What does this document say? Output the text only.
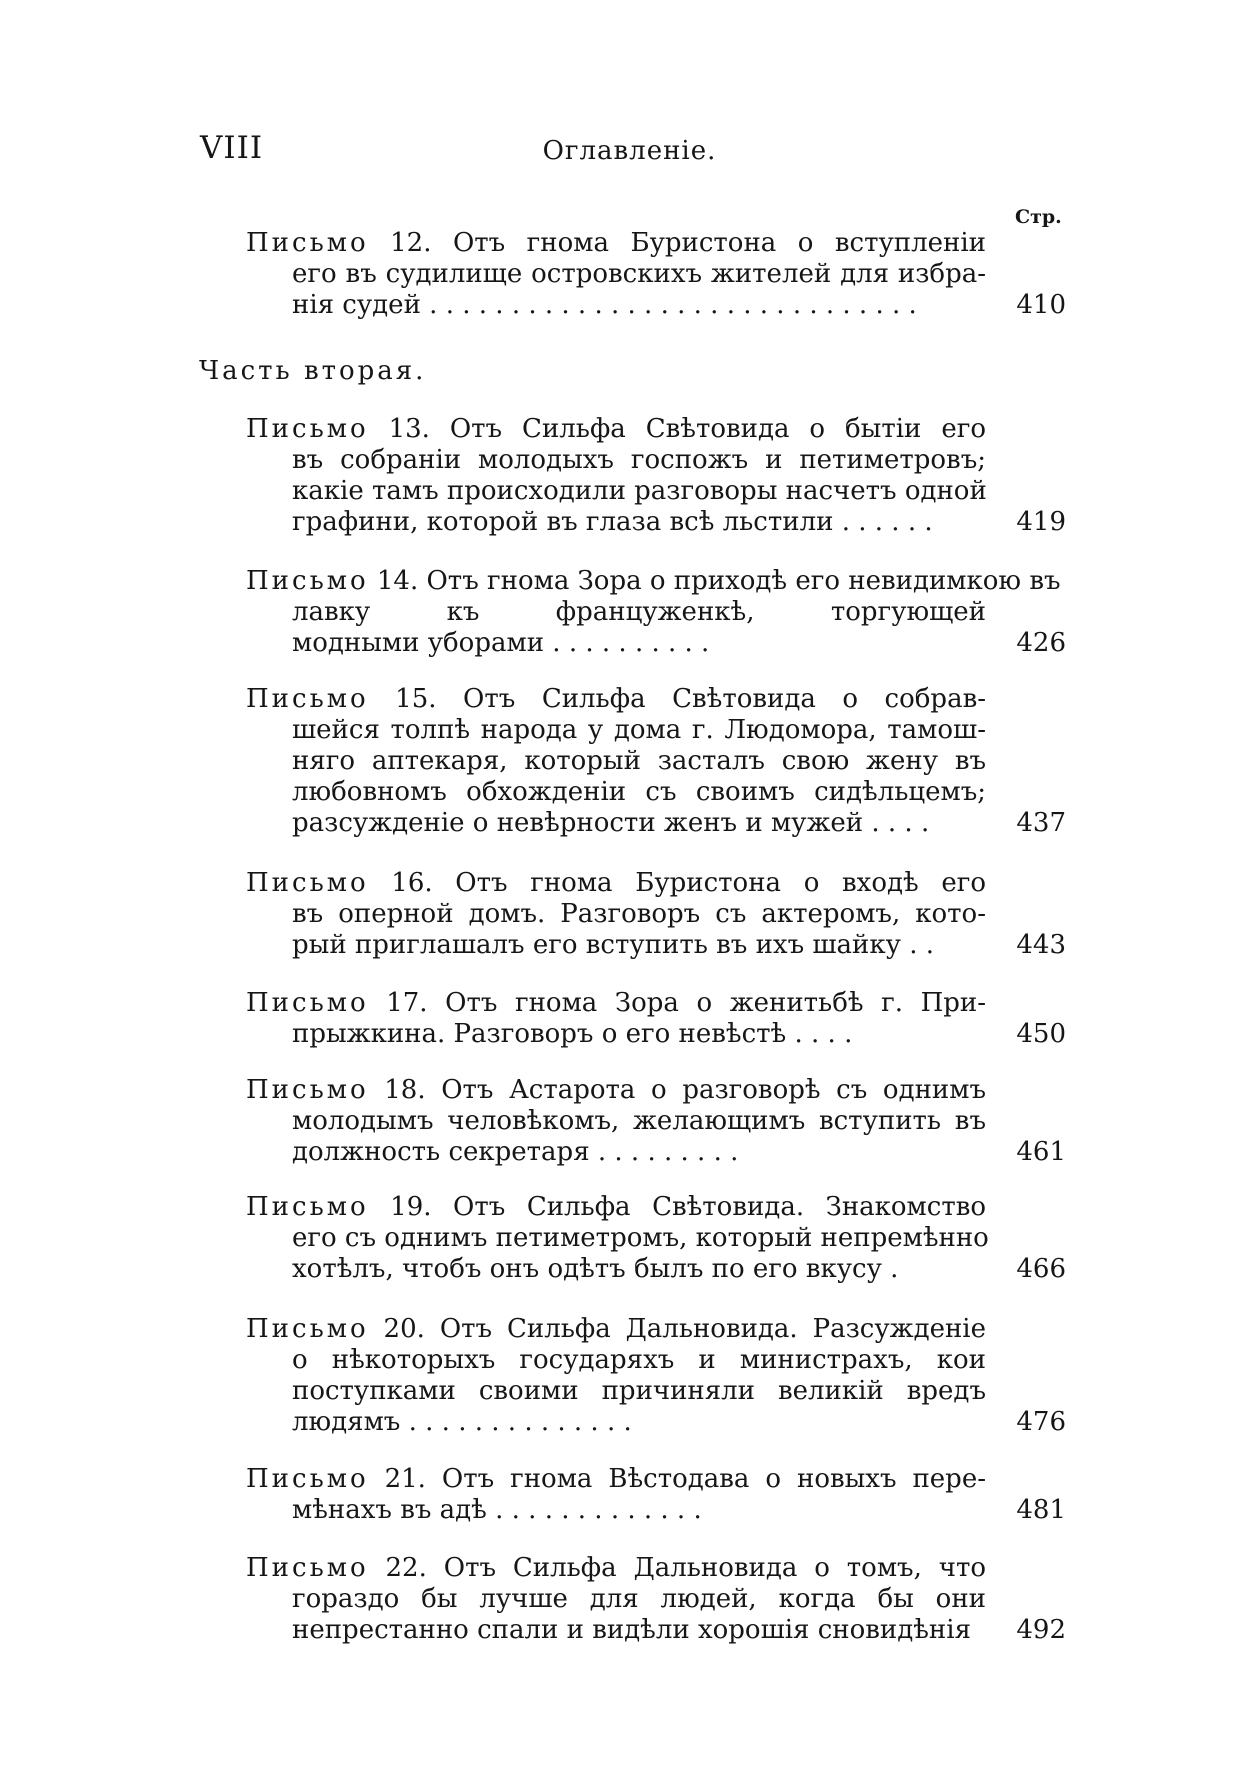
VIII	Оглавленіе.
Стр.
Часть вторая.
Письмо 12. Отъ гнома Буристона о вступленіи
его въ судилище островскихъ жителей для избра-
нія судей . . . . . . . . . . . . . . . . . . . . . . . . . . . . . .	410
Письмо 13. Отъ Сильфа Свѣтовида о бытіи его
въ собраніи молодыхъ госпожъ и петиметровъ;
какіе тамъ происходили разговоры насчетъ одной
графини, которой въ глаза всѣ льстили . . . . . .	419
Письмо 14. Отъ гнома Зора о приходѣ его невидимкою въ
лавку къ француженкѣ, торгующей
модными уборами . . . . . . . . . .	426
Письмо 15. Отъ Сильфа Свѣтовида о собрав-
шейся толпѣ народа у дома г. Людомора, тамош-
няго аптекаря, который засталъ свою жену въ
любовномъ обхожденіи съ своимъ сидѣльцемъ;
разсужденіе о невѣрности женъ и мужей . . . .	437
Письмо 16. Отъ гнома Буристона о входѣ его
въ оперной домъ. Разговоръ съ актеромъ, кото-
рый приглашалъ его вступить въ ихъ шайку . .	443
Письмо 17. Отъ гнома Зора о женитьбѣ г. При-
прыжкина. Разговоръ о его невѣстѣ . . . .	450
Письмо 18. Отъ Астарота о разговорѣ съ однимъ
молодымъ человѣкомъ, желающимъ вступить въ
должность секретаря . . . . . . . . .	461
Письмо 19. Отъ Сильфа Свѣтовида. Знакомство
его съ однимъ петиметромъ, который непремѣнно
хотѣлъ, чтобъ онъ одѣтъ былъ по его вкусу .	466
Письмо 20. Отъ Сильфа Дальновида. Разсужденіе
о нѣкоторыхъ государяхъ и министрахъ, кои
поступками своими причиняли великій вредъ
людямъ . . . . . . . . . . . . . .	476
Письмо 21. Отъ гнома Вѣстодава о новыхъ пере-
мѣнахъ въ адѣ . . . . . . . . . . . . .	481
Письмо 22. Отъ Сильфа Дальновида о томъ, что
гораздо бы лучше для людей, когда бы они
непрестанно спали и видѣли хорошія сновидѣнія	492
